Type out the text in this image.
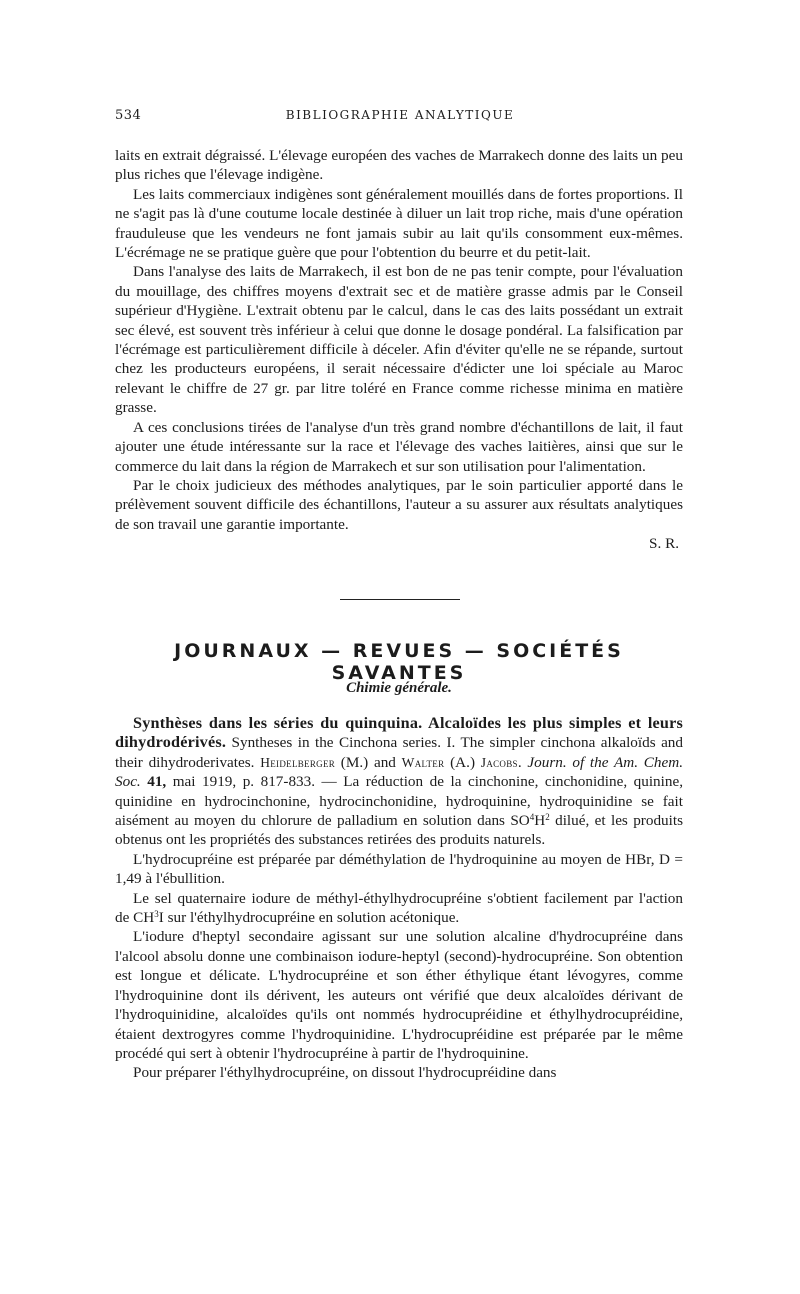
534	BIBLIOGRAPHIE ANALYTIQUE

laits en extrait dégraissé. L'élevage européen des vaches de Marrakech donne des laits un peu plus riches que l'élevage indigène.

Les laits commerciaux indigènes sont généralement mouillés dans de fortes proportions. Il ne s'agit pas là d'une coutume locale destinée à diluer un lait trop riche, mais d'une opération frauduleuse que les vendeurs ne font jamais subir au lait qu'ils consomment eux-mêmes. L'écrémage ne se pratique guère que pour l'obtention du beurre et du petit-lait.

Dans l'analyse des laits de Marrakech, il est bon de ne pas tenir compte, pour l'évaluation du mouillage, des chiffres moyens d'extrait sec et de matière grasse admis par le Conseil supérieur d'Hygiène. L'extrait obtenu par le calcul, dans le cas des laits possédant un extrait sec élevé, est souvent très inférieur à celui que donne le dosage pondéral. La falsification par l'écrémage est particulièrement difficile à déceler. Afin d'éviter qu'elle ne se répande, surtout chez les producteurs européens, il serait nécessaire d'édicter une loi spéciale au Maroc relevant le chiffre de 27 gr. par litre toléré en France comme richesse minima en matière grasse.

A ces conclusions tirées de l'analyse d'un très grand nombre d'échantillons de lait, il faut ajouter une étude intéressante sur la race et l'élevage des vaches laitières, ainsi que sur le commerce du lait dans la région de Marrakech et sur son utilisation pour l'alimentation.

Par le choix judicieux des méthodes analytiques, par le soin particulier apporté dans le prélèvement souvent difficile des échantillons, l'auteur a su assurer aux résultats analytiques de son travail une garantie importante.

S. R.

JOURNAUX — REVUES — SOCIÉTÉS SAVANTES
Chimie générale.

Synthèses dans les séries du quinquina. Alcaloïdes les plus simples et leurs dihydrodérivés. Syntheses in the Cinchona series. I. The simpler cinchona alkaloïds and their dihydroderivates. Heidelberger (M.) and Walter (A.) Jacobs. Journ. of the Am. Chem. Soc. 41, mai 1919, p. 817-833. — La réduction de la cinchonine, cinchonidine, quinine, quinidine en hydrocinchonine, hydrocinchonidine, hydroquinine, hydroquinidine se fait aisément au moyen du chlorure de palladium en solution dans $SO^4H^2$ dilué, et les produits obtenus ont les propriétés des substances retirées des produits naturels.

L'hydrocupréine est préparée par déméthylation de l'hydroquinine au moyen de HBr, D = 1,49 à l'ébullition.

Le sel quaternaire iodure de méthyl-éthylhydrocupréine s'obtient facilement par l'action de $CH^3I$ sur l'éthylhydrocupréine en solution acétonique.

L'iodure d'heptyl secondaire agissant sur une solution alcaline d'hydrocupréine dans l'alcool absolu donne une combinaison iodure-heptyl (second)-hydrocupréine. Son obtention est longue et délicate. L'hydrocupréine et son éther éthylique étant lévogyres, comme l'hydroquinine dont ils dérivent, les auteurs ont vérifié que deux alcaloïdes dérivant de l'hydroquinidine, alcaloïdes qu'ils ont nommés hydrocupréidine et éthylhydrocupréidine, étaient dextrogyres comme l'hydroquinidine. L'hydrocupréidine est préparée par le même procédé qui sert à obtenir l'hydrocupréine à partir de l'hydroquinine.

Pour préparer l'éthylhydrocupréine, on dissout l'hydrocupréidine dans
